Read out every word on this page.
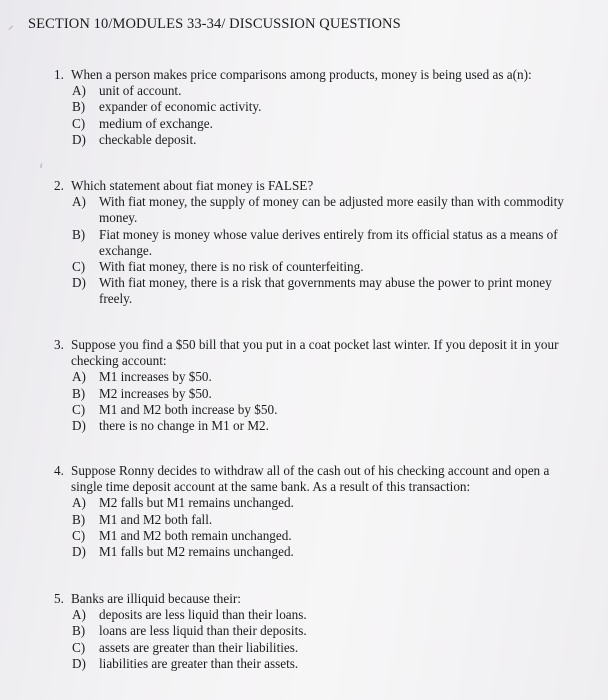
SECTION 10/MODULES 33-34/ DISCUSSION QUESTIONS
⸝
ᶠ
1. When a person makes price comparisons among products, money is being used as a(n):
A) unit of account.
B)	expander of economic activity.
C)	medium of exchange.
D) checkable deposit.
2. Which statement about fiat money is FALSE?
A) With fiat money, the supply of money can be adjusted more easily than with commodity money.
B)	Fiat money is money whose value derives entirely from its official status as a means of exchange.
C)	With fiat money, there is no risk of counterfeiting.
D) With fiat money, there is a risk that governments may abuse the power to print money freely.
3. Suppose you find a $50 bill that you put in a coat pocket last winter. If you deposit it in your checking account:
A) M1 increases by $50.
B)	M2 increases by $50.
C)	M1 and M2 both increase by $50.
D) there is no change in M1 or M2.
4. Suppose Ronny decides to withdraw all of the cash out of his checking account and open a single time deposit account at the same bank. As a result of this transaction:
A) M2 falls but M1 remains unchanged.
B)	M1 and M2 both fall.
C)	M1 and M2 both remain unchanged.
D) M1 falls but M2 remains unchanged.
5. Banks are illiquid because their:
A) deposits are less liquid than their loans.
B)	loans are less liquid than their deposits.
C)	assets are greater than their liabilities.
D) liabilities are greater than their assets.
